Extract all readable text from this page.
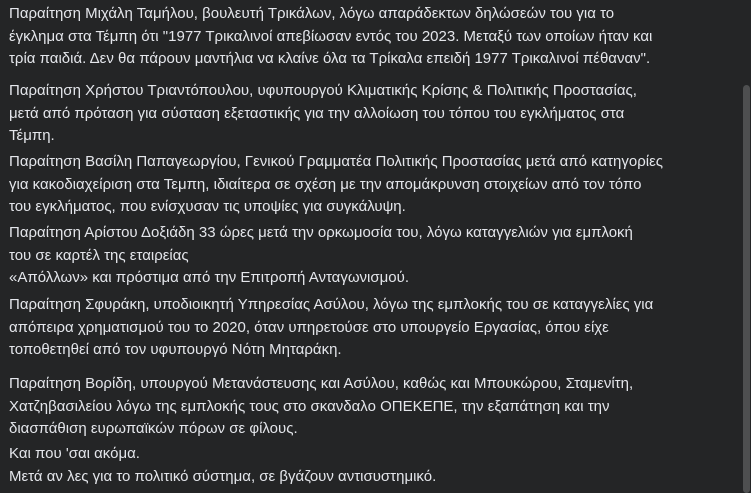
Παραίτηση Μιχάλη Ταμήλου, βουλευτή Τρικάλων, λόγω απαράδεκτων δηλώσεών του για το
έγκλημα στα Τέμπη ότι "1977 Τρικαλινοί απεβίωσαν εντός του 2023. Μεταξύ των οποίων ήταν και
τρία παιδιά. Δεν θα πάρουν μαντήλια να κλαίνε όλα τα Τρίκαλα επειδή 1977 Τρικαλινοί πέθαναν".

Παραίτηση Χρήστου Τριαντόπουλου, υφυπουργού Κλιματικής Κρίσης & Πολιτικής Προστασίας,
μετά από πρόταση για σύσταση εξεταστικής για την αλλοίωση του τόπου του εγκλήματος στα
Τέμπη.

Παραίτηση Βασίλη Παπαγεωργίου, Γενικού Γραμματέα Πολιτικής Προστασίας μετά από κατηγορίες
για κακοδιαχείριση στα Τεμπη, ιδιαίτερα σε σχέση με την απομάκρυνση στοιχείων από τον τόπο
του εγκλήματος, που ενίσχυσαν τις υποψίες για συγκάλυψη.

Παραίτηση Αρίστου Δοξιάδη 33 ώρες μετά την ορκωμοσία του, λόγω καταγγελιών για εμπλοκή
του σε καρτέλ της εταιρείας
«Απόλλων» και πρόστιμα από την Επιτροπή Ανταγωνισμού.

Παραίτηση Σφυράκη, υποδιοικητή Υπηρεσίας Ασύλου, λόγω της εμπλοκής του σε καταγγελίες για
απόπειρα χρηματισμού του το 2020, όταν υπηρετούσε στο υπουργείο Εργασίας, όπου είχε
τοποθετηθεί από τον υφυπουργό Νότη Μηταράκη.

Παραίτηση Βορίδη, υπουργού Μετανάστευσης και Ασύλου, καθώς και Μπουκώρου, Σταμενίτη,
Χατζηβασιλείου λόγω της εμπλοκής τους στο σκανδαλο ΟΠΕΚΕΠΕ, την εξαπάτηση και την
διασπάθιση ευρωπαϊκών πόρων σε φίλους.

Και που 'σαι ακόμα.
Μετά αν λες για το πολιτικό σύστημα, σε βγάζουν αντισυστημικό.
